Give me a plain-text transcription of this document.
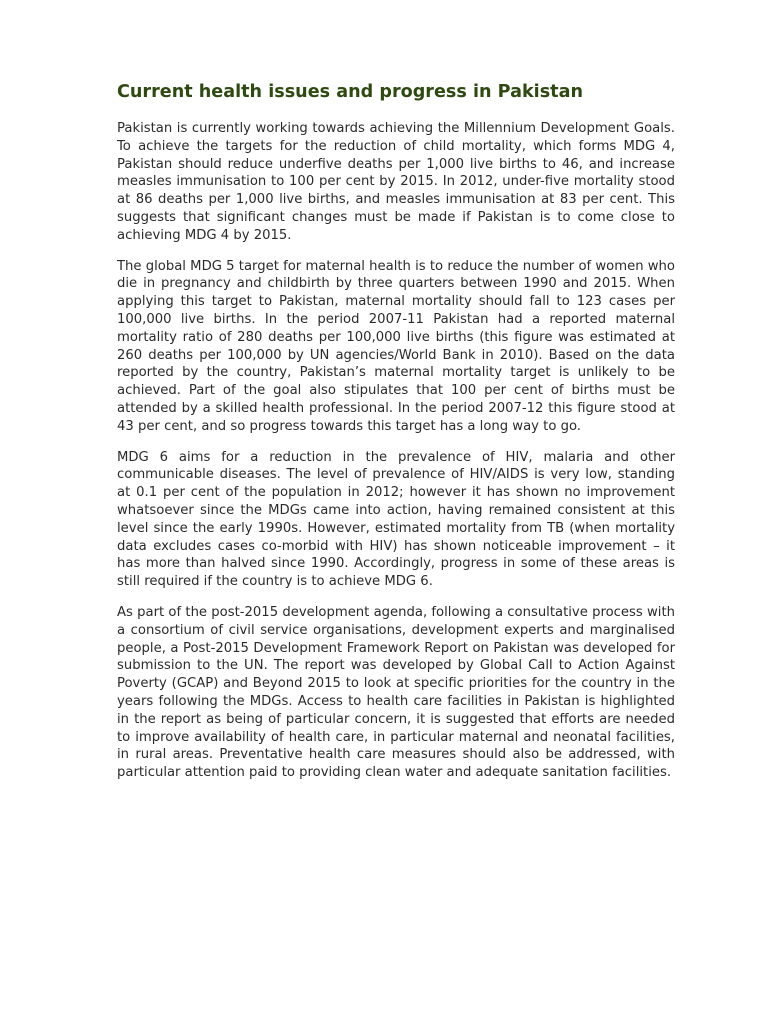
Current health issues and progress in Pakistan

Pakistan is currently working towards achieving the Millennium Development Goals. To achieve the targets for the reduction of child mortality, which forms MDG 4, Pakistan should reduce underfive deaths per 1,000 live births to 46, and increase measles immunisation to 100 per cent by 2015. In 2012, under-five mortality stood at 86 deaths per 1,000 live births, and measles immunisation at 83 per cent. This suggests that significant changes must be made if Pakistan is to come close to achieving MDG 4 by 2015.

The global MDG 5 target for maternal health is to reduce the number of women who die in pregnancy and childbirth by three quarters between 1990 and 2015. When applying this target to Pakistan, maternal mortality should fall to 123 cases per 100,000 live births. In the period 2007-11 Pakistan had a reported maternal mortality ratio of 280 deaths per 100,000 live births (this figure was estimated at 260 deaths per 100,000 by UN agencies/World Bank in 2010). Based on the data reported by the country, Pakistan’s maternal mortality target is unlikely to be achieved. Part of the goal also stipulates that 100 per cent of births must be attended by a skilled health professional. In the period 2007-12 this figure stood at 43 per cent, and so progress towards this target has a long way to go.

MDG 6 aims for a reduction in the prevalence of HIV, malaria and other communicable diseases. The level of prevalence of HIV/AIDS is very low, standing at 0.1 per cent of the population in 2012; however it has shown no improvement whatsoever since the MDGs came into action, having remained consistent at this level since the early 1990s. However, estimated mortality from TB (when mortality data excludes cases co-morbid with HIV) has shown noticeable improvement – it has more than halved since 1990. Accordingly, progress in some of these areas is still required if the country is to achieve MDG 6.

As part of the post-2015 development agenda, following a consultative process with a consortium of civil service organisations, development experts and marginalised people, a Post-2015 Development Framework Report on Pakistan was developed for submission to the UN. The report was developed by Global Call to Action Against Poverty (GCAP) and Beyond 2015 to look at specific priorities for the country in the years following the MDGs. Access to health care facilities in Pakistan is highlighted in the report as being of particular concern, it is suggested that efforts are needed to improve availability of health care, in particular maternal and neonatal facilities, in rural areas. Preventative health care measures should also be addressed, with particular attention paid to providing clean water and adequate sanitation facilities.
